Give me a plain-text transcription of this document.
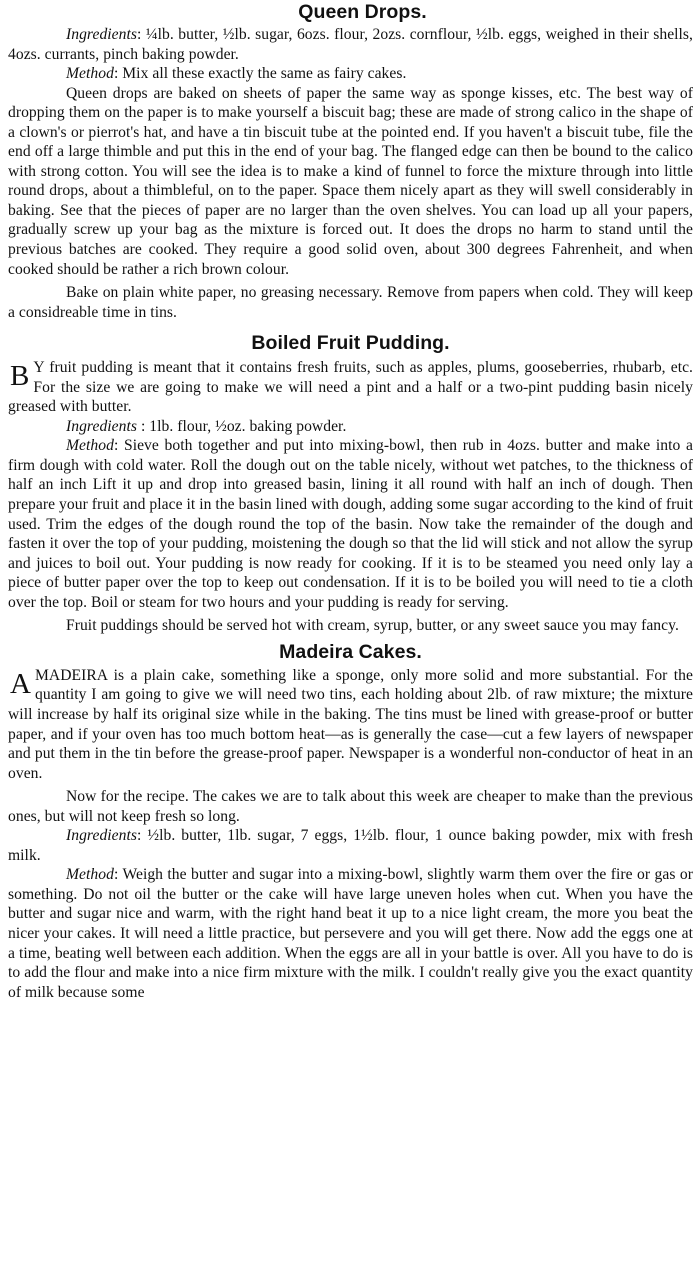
Queen Drops.

Ingredients: ¼lb. butter, ½lb. sugar, 6ozs. flour, 2ozs. cornflour, ½lb. eggs, weighed in their shells, 4ozs. currants, pinch baking powder.

Method: Mix all these exactly the same as fairy cakes.

Queen drops are baked on sheets of paper the same way as sponge kisses, etc. The best way of dropping them on the paper is to make yourself a biscuit bag; these are made of strong calico in the shape of a clown's or pierrot's hat, and have a tin biscuit tube at the pointed end. If you haven't a biscuit tube, file the end off a large thimble and put this in the end of your bag. The flanged edge can then be bound to the calico with strong cotton. You will see the idea is to make a kind of funnel to force the mixture through into little round drops, about a thimbleful, on to the paper. Space them nicely apart as they will swell considerably in baking. See that the pieces of paper are no larger than the oven shelves. You can load up all your papers, gradually screw up your bag as the mixture is forced out. It does the drops no harm to stand until the previous batches are cooked. They require a good solid oven, about 300 degrees Fahrenheit, and when cooked should be rather a rich brown colour.

Bake on plain white paper, no greasing necessary. Remove from papers when cold. They will keep a considreable time in tins.

Boiled Fruit Pudding.

B Y fruit pudding is meant that it contains fresh fruits, such as apples, plums, gooseberries, rhubarb, etc. For the size we are going to make we will need a pint and a half or a two-pint pudding basin nicely greased with butter.

Ingredients : 1lb. flour, ½oz. baking powder.

Method: Sieve both together and put into mixing-bowl, then rub in 4ozs. butter and make into a firm dough with cold water. Roll the dough out on the table nicely, without wet patches, to the thickness of half an inch Lift it up and drop into greased basin, lining it all round with half an inch of dough. Then prepare your fruit and place it in the basin lined with dough, adding some sugar according to the kind of fruit used. Trim the edges of the dough round the top of the basin. Now take the remainder of the dough and fasten it over the top of your pudding, moistening the dough so that the lid will stick and not allow the syrup and juices to boil out. Your pudding is now ready for cooking. If it is to be steamed you need only lay a piece of butter paper over the top to keep out condensation. If it is to be boiled you will need to tie a cloth over the top. Boil or steam for two hours and your pudding is ready for serving.

Fruit puddings should be served hot with cream, syrup, butter, or any sweet sauce you may fancy.

Madeira Cakes.

AMADEIRA is a plain cake, something like a sponge, only more solid and more substantial. For the quantity I am going to give we will need two tins, each holding about 2lb. of raw mixture; the mixture will increase by half its original size while in the baking. The tins must be lined with grease-proof or butter paper, and if your oven has too much bottom heat—as is generally the case—cut a few layers of newspaper and put them in the tin before the grease-proof paper. Newspaper is a wonderful non-conductor of heat in an oven.

Now for the recipe. The cakes we are to talk about this week are cheaper to make than the previous ones, but will not keep fresh so long.

Ingredients: ½lb. butter, 1lb. sugar, 7 eggs, 1½lb. flour, 1 ounce baking powder, mix with fresh milk.

Method: Weigh the butter and sugar into a mixing-bowl, slightly warm them over the fire or gas or something. Do not oil the butter or the cake will have large uneven holes when cut. When you have the butter and sugar nice and warm, with the right hand beat it up to a nice light cream, the more you beat the nicer your cakes. It will need a little practice, but persevere and you will get there. Now add the eggs one at a time, beating well between each addition. When the eggs are all in your battle is over. All you have to do is to add the flour and make into a nice firm mixture with the milk. I couldn't really give you the exact quantity of milk because some
